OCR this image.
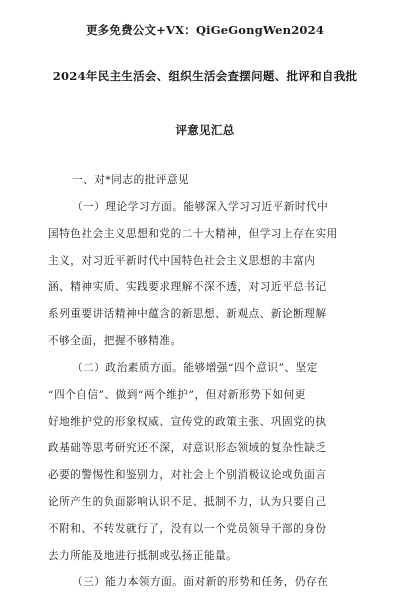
更多免费公文+VX：QiGeGongWen2024
2024年民主生活会、组织生活会查摆问题、批评和自我批
评意见汇总
一、对*同志的批评意见
（一）理论学习方面。能够深入学习习近平新时代中
国特色社会主义思想和党的二十大精神，但学习上存在实用
主义，对习近平新时代中国特色社会主义思想的丰富内
涵、精神实质、实践要求理解不深不透，对习近平总书记
系列重要讲话精神中蕴含的新思想、新观点、新论断理解
不够全面，把握不够精准。
（二）政治素质方面。能够增强“四个意识”、坚定
“四个自信”、做到“两个维护”，但对新形势下如何更
好地维护党的形象权威、宣传党的政策主张、巩固党的执
政基础等思考研究还不深，对意识形态领域的复杂性缺乏
必要的警惕性和鉴别力，对社会上个别消极议论或负面言
论所产生的负面影响认识不足、抵制不力，认为只要自己
不附和、不转发就行了，没有以一个党员领导干部的身份
去力所能及地进行抵制或弘扬正能量。
（三）能力本领方面。面对新的形势和任务，仍存在
